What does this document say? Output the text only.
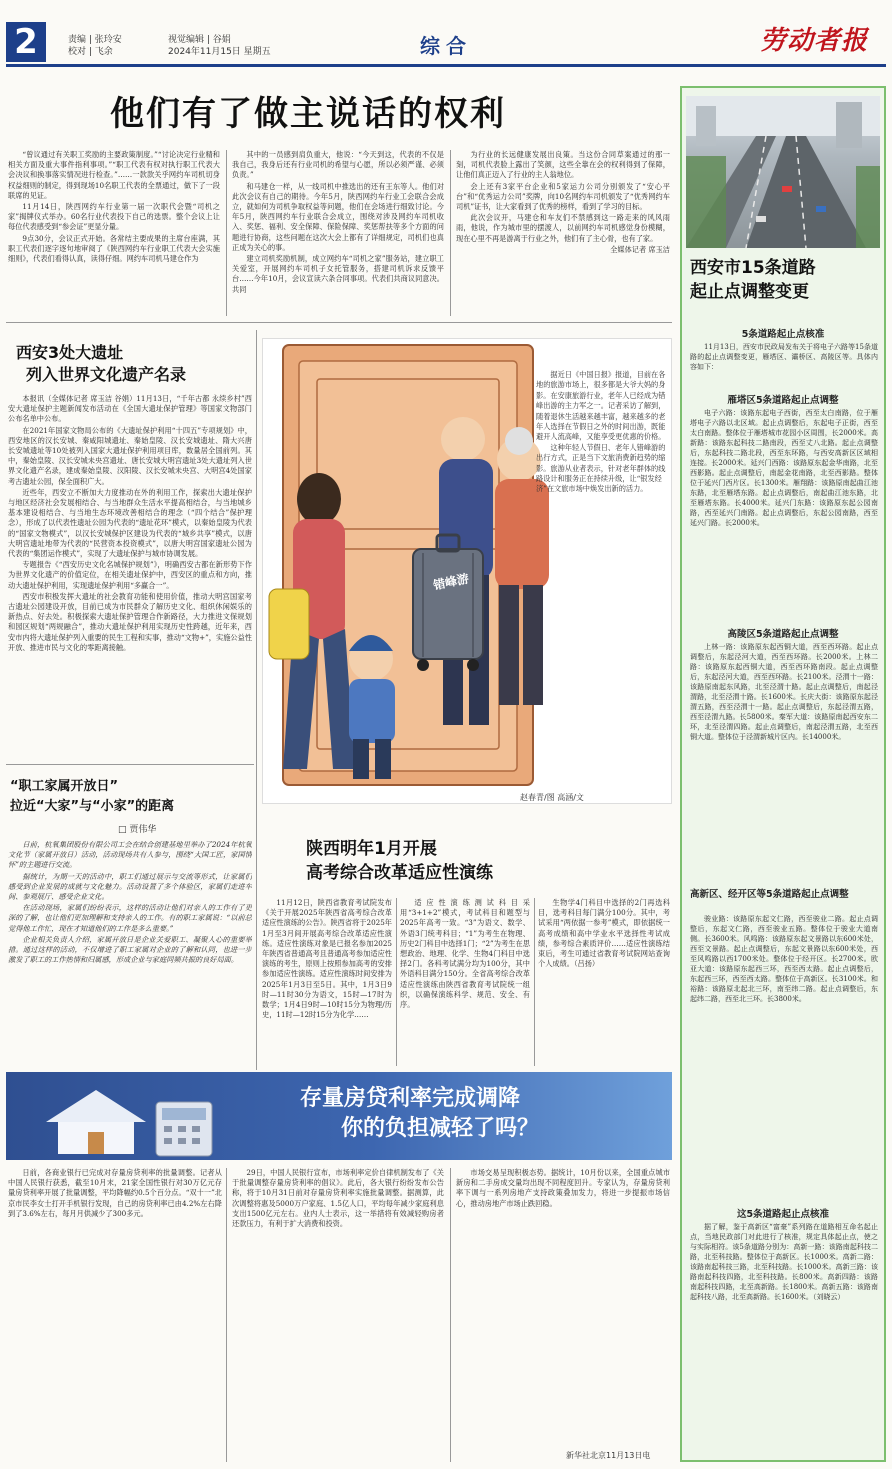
2	责编 | 张玲安
校对 | 飞余
视觉编辑 | 谷娟
2024年11月15日 星期五	综合	劳动者报
他们有了做主说话的权利

“曾议通过有关职工奖励的主要政策制度。”“讨论决定行业精和相关方面及重大事件指利事项。”“职工代表有权对执行职工代表大会决议和换事落实情况进行检查。”……一款款关乎网约车司机切身权益细则的制定，得到现场10名职工代表的全票通过，做下了一段联席的见证。

11月14日，陕西网约车行业第一届一次职代会暨“司机之家”揭牌仪式举办。60名行业代表投下自己的选票。整个会议上让每位代表感受到“参会证”更显分量。

9点30分，会议正式开始。各常结主要成果的主席台座满，其职工代表们逐字逐句地审阅了《陕西网约车行业职工代表大会实施细则》，代表们看得认真，读得仔细。网约车司机马建仓作为

其中的一员感到肩负重大，他说：“今天到这，代表的不仅是我自己，我身后还有行业司机的希望与心愿，所以必须严谨、必须负责。”

和马建仓一样，从一线司机中推选出的还有王东等人。他们对此次会议有自己的期待。今年5月，陕西网约车行业工会联合会成立，就如何为司机争取权益等问题，他们在会场进行细致讨论。今年5月，陕西网约车行业联合会成立，围绕对涉及网约车司机收入、奖惩、福利、安全保障、保险保障、奖惩帮扶等多个方面的问题进行协商，这些问题在这次大会上都有了详细规定，司机们也真正成为关心的事。

建立司机奖励机制，成立网约车“司机之家”服务站，建立职工关爱室，开展网约车司机子女托管服务，搭建司机诉求反馈平台……今年10月，会议宣读六条合同事项。代表们共商议同意决。共同

为行业的长远健康发展出良策。当这份合同草案通过的那一刻，司机代表脸上露出了笑颜，这些全靠在会的权利得到了保障，让他们真正迈入了行业的主人翁地位。

会上还有3家平台企业和5家运力公司分别颁发了“安心平台”和“优秀运力公司”奖牌，向10名网约车司机颁发了“优秀网约车司机”证书，让大家看到了优秀的榜样，看到了学习的目标。

此次会议开，马建仓和车友们不禁感到这一路走来的风风雨雨，他说，作为城市里的摆渡人，以前网约车司机感觉身份模糊，现在心里不再是游离于行业之外，他们有了主心骨，也有了家。

全媒体记者 席玉洁

西安3处大遗址
列入世界文化遗产名录

本报讯（全媒体记者 席玉洁 谷娟）11月13日，“千年古都 永续乡村”西安大遗址保护主题新闻发布活动在《全国大遗址保护管理》等国家文物部门公布名单中公布。

在2021年国家文物局公布的《大遗址保护利用“十四五”专项规划》中，西安地区的汉长安城、秦咸阳城遗址、秦始皇陵、汉长安城遗址、隋大兴唐长安城遗址等10处被列入国家大遗址保护利用项目库，数量居全国前列。其中，秦始皇陵、汉长安城未央宫遗址、唐长安城大明宫遗址3处大遗址列入世界文化遗产名录，建成秦始皇陵、汉阳陵、汉长安城未央宫、大明宫4处国家考古遗址公园，保全面积广大。

近些年，西安立不断加大力度推动在外的利用工作，探索出大遗址保护与地区经济社会发展相结合、与当地群众生活水平提高相结合，与当地城乡基本建设相结合、与当地生态环境改善相结合的理念（“四个结合”保护理念），形成了以代表性遗址公园为代表的“遗址花环”模式，以秦始皇陵为代表的“国家文物模式”，以汉长安城保护区建设为代表的“城乡共享”模式，以唐大明宫遗址地带为代表的“民营资本投资模式”，以唐大明宫国家遗址公园为代表的“集团运作模式”，实现了大遗址保护与城市协调发展。

专题报告《“西安历史文化名城保护规划”》，明确西安古都在新形势下作为世界文化遗产的价值定位，在相关遗址保护中，西安区的重点和方向，推动大遗址保护利用，实现遗址保护利用“多赢合一”。

西安市积极发挥大遗址的社会教育功能和使用价值，推动大明宫国家考古遗址公园建设开放，目前已成为市民群众了解历史文化、组织休闲娱乐的新热点、好去处。积极探索大遗址保护管理合作新路径，大力推进文保规划和园区规划“两规融合”，推动大遗址保护利用实现历史性跨越，近年来，西安市内将大遗址保护列入重要的民生工程和实事，推动“文物+”，实施公益性开放、推进市民与文化的零距离接触。

“职工家属开放日”
拉近“大家”与“小家”的距离
□ 贾伟华

日前，杭氧集团股份有限公司工会在结合创建基地里举办了2024年杭氧文化节（家属开放日）活动，活动现场共有人参与，围绕“大国工匠，家国情怀”的主题进行交流。

据统计，为期一天的活动中，职工们通过展示与交流等形式，让家属们感受到企业发展的成就与文化魅力。活动设置了多个体验区，家属们走进车间、参观展厅、感受企业文化。

在活动现场，家属们纷纷表示，这样的活动让他们对亲人的工作有了更深的了解，也让他们更加理解和支持亲人的工作。有的职工家属说：“以前总觉得他工作忙，现在才知道他们的工作是多么重要。”

企业相关负责人介绍，家属开放日是企业关爱职工、凝聚人心的重要举措。通过这样的活动，不仅增进了职工家属对企业的了解和认同，也进一步激发了职工的工作热情和归属感，形成企业与家庭同频共振的良好局面。

错峰游

据近日《中国日报》报道，目前在各地的旅游市场上，很多都是大爷大妈的身影。在安康旅游行业，老年人已经成为错峰出游的主力军之一。记者采访了解到，随着退休生活越来越丰富，越来越多的老年人选择在节假日之外的时间出游，既能避开人流高峰，又能享受更优惠的价格。

这种年轻人节假日、老年人错峰游的出行方式，正是当下文旅消费新趋势的缩影。旅游从业者表示，针对老年群体的线路设计和服务正在持续升级，让“银发经济”在文旅市场中焕发出新的活力。

赵春青/图 高涵/文
陕西明年1月开展
高考综合改革适应性演练

11月12日，陕西省教育考试院发布《关于开展2025年陕西省高考综合改革适应性演练的公告》。陕西省将于2025年1月至3月间开展高考综合改革适应性演练。适应性演练对象是已报名参加2025年陕西省普通高考且普通高考参加适应性演练的考生，原则上按照参加高考的安排参加适应性演练。适应性演练时间安排为2025年1月3日至5日。其中，1月3日9时—11时30分为语文，15时—17时为数学；1月4日9时—10时15分为物理/历史，11时—12时15分为化学……

适应性演练测试科目采用“3+1+2”模式，考试科目和题型与2025年高考一致。“3”为语文、数学、外语3门统考科目；“1”为考生在物理、历史2门科目中选择1门；“2”为考生在思想政治、地理、化学、生物4门科目中选择2门。各科考试满分均为100分，其中外语科目满分150分。全省高考综合改革适应性演练由陕西省教育考试院统一组织，以确保演练科学、规范、安全、有序。

生物学4门科目中选择的2门再选科目，选考科目每门满分100分。其中，考试采用“两依据一参考”模式，即依据统一高考成绩和高中学业水平选择性考试成绩，参考综合素质评价……适应性演练结束后，考生可通过省教育考试院网站查询个人成绩。（吕扬）

存量房贷利率完成调降
你的负担减轻了吗？

日前，各商业银行已完成对存量房贷利率的批量调整。记者从中国人民银行获悉，截至10月末，21家全国性银行对30万亿元存量房贷利率开展了批量调整，平均降幅约0.5个百分点。“双十一”北京市民李女士打开手机银行发现，自己的房贷利率已由4.2%左右降到了3.6%左右，每月月供减少了300多元。

29日，中国人民银行宣布，市场利率定价自律机制发布了《关于批量调整存量房贷利率的倡议》。此后，各大银行纷纷发布公告称，将于10月31日前对存量房贷利率实施批量调整。据测算，此次调整将惠及5000万户家庭、1.5亿人口，平均每年减少家庭利息支出1500亿元左右。业内人士表示，这一举措将有效减轻购房者还款压力，有利于扩大消费和投资。

市场交易呈现积极态势。据统计，10月份以来，全国重点城市新房和二手房成交量均出现不同程度回升。专家认为，存量房贷利率下调与一系列房地产支持政策叠加发力，将进一步提振市场信心，推动房地产市场止跌回稳。

新华社北京11月13日电
西安市15条道路
起止点调整变更
5条道路起止点核准

11月13日，西安市民政局发布关于将电子六路等15条道路的起止点调整变更，雁塔区、灞桥区、高陵区等。具体内容如下：

雁塔区5条道路起止点调整

电子六路：该路东起电子西街，西至太白南路，位于雁塔电子六路以北区域。起止点调整后，东起电子正街，西至太白南路。整体位于雁塔城市花园小区周围，长2000米。高新路：该路东起科技二路南段，西至丈八北路。起止点调整后，东起科技二路北段，西至东环路，与西安高新区区域相连接。长2000米。延兴门西路：该路原东起金华南路，北至西影路。起止点调整后，南起金花南路，北至西影路。整体位于延兴门西片区。长1300米。雁翔路：该路原南起曲江池东路，北至雁塔东路。起止点调整后，南起曲江池东路，北至雁塔东路。长4000米。延兴门东路：该路原东起公园南路，西至延兴门南路。起止点调整后，东起公园南路，西至延兴门路。长2000米。

高陵区5条道路起止点调整

上林一路：该路原东起西铜大道，西至西环路。起止点调整后，东起泾河大道，西至西环路。长2000米。上林二路：该路原东起西铜大道，西至西环路南段。起止点调整后，东起泾河大道，西至西环路。长2100米。泾渭十一路：该路原南起东风路，北至泾渭十路。起止点调整后，南起泾渭路，北至泾渭十路。长1600米。长庆大街：该路原东起泾渭五路，西至泾渭十一路。起止点调整后，东起泾渭五路，西至泾渭九路。长5800米。秦军大道：该路原南起西安东二环，北至泾渭四路。起止点调整后，南起泾渭五路，北至西铜大道。整体位于泾渭新城片区内。长14000米。

高新区、经开区等5条道路起止点调整

骏业路：该路原东起文仁路，西至骏业二路。起止点调整后，东起文仁路，西至骏业五路。整体位于骏业大道南侧。长3600米。风鸣路：该路原东起文景路以东600米处，西至文景路。起止点调整后，东起文景路以东600米处，西至风鸣路以西1700米处。整体位于经开区。长2700米。欧亚大道：该路原东起西三环，西至西太路。起止点调整后，东起西三环，西至西太路。整体位于高新区。长3100米。和裕路：该路原北起北三环，南至纬二路。起止点调整后，东起纬二路，西至北三环。长3800米。

这5条道路起止点核准

据了解，鉴于高新区“富豪”系列路在道路相互命名起止点，当地民政部门对此进行了核准，规定具体起止点，使之与实际相符。该5条道路分别为：高新一路：该路南起科技二路，北至科技路。整体位于高新区。长1000米。高新二路：该路南起科技三路，北至科技路。长1000米。高新三路：该路南起科技四路，北至科技路。长800米。高新四路：该路南起科技四路，北至高新路。长1800米。高新五路：该路南起科技八路，北至高新路。长1600米。（刘晓云）
